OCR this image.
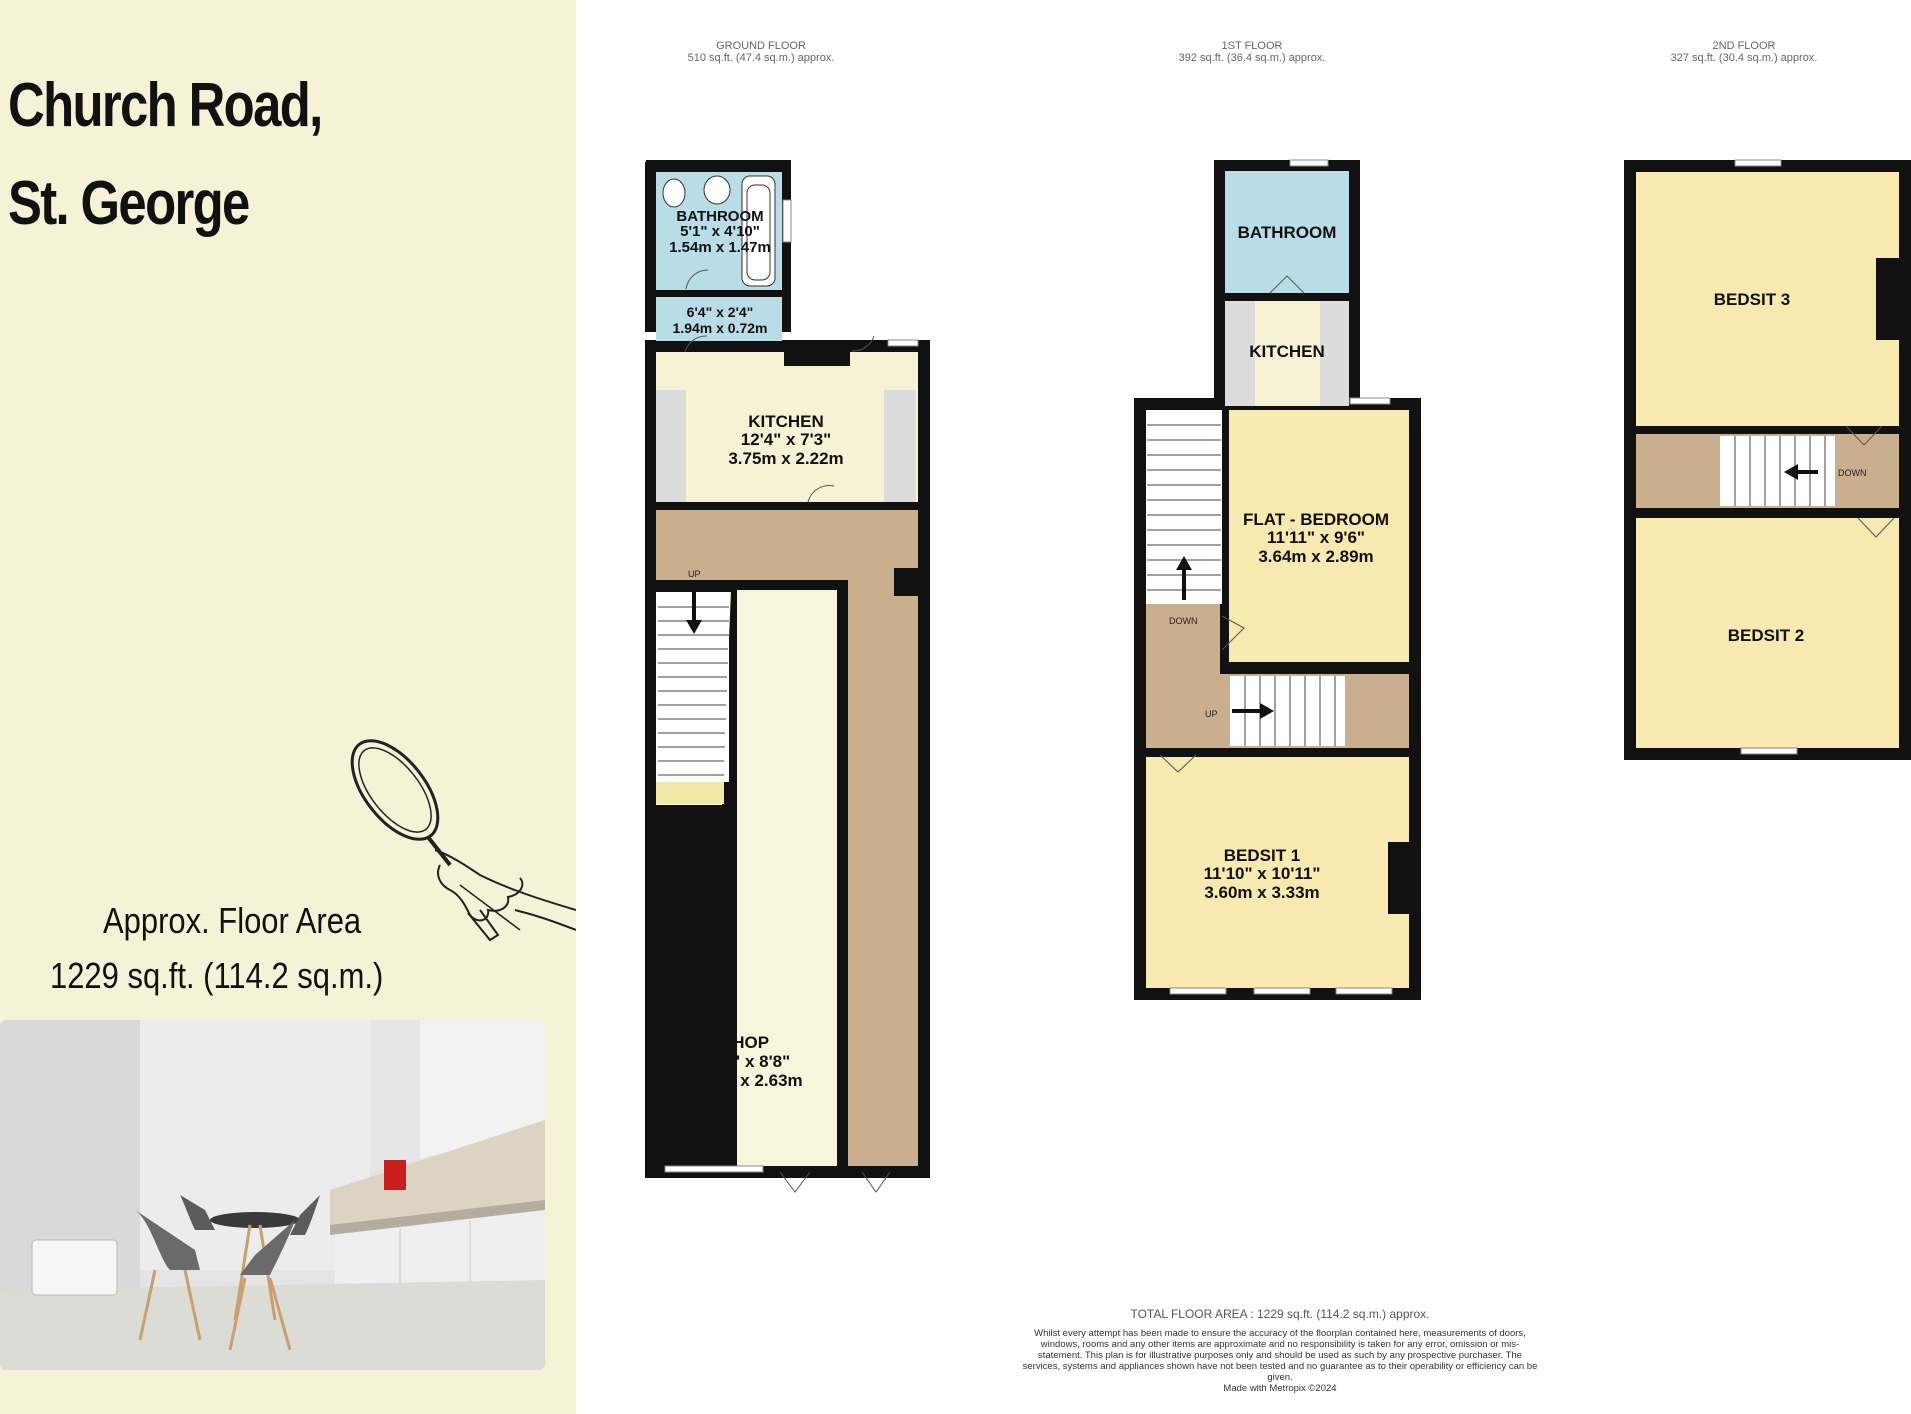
Church Road,
St. George
Approx. Floor Area
1229 sq.ft. (114.2 sq.m.)
GROUND FLOOR
510 sq.ft. (47.4 sq.m.) approx.
1ST FLOOR
392 sq.ft. (36.4 sq.m.) approx.
2ND FLOOR
327 sq.ft. (30.4 sq.m.) approx.
BATHROOM
5'1" x 4'10"
1.54m x 1.47m
6'4" x 2'4"
1.94m x 0.72m
KITCHEN
12'4" x 7'3"
3.75m x 2.22m
SHOP
26'8" x 8'8"
8.13m x 2.63m
UP
BATHROOM
KITCHEN
FLAT - BEDROOM
11'11" x 9'6"
3.64m x 2.89m
BEDSIT 1
11'10" x 10'11"
3.60m x 3.33m
DOWN
UP
BEDSIT 3
BEDSIT 2
DOWN
TOTAL FLOOR AREA : 1229 sq.ft. (114.2 sq.m.) approx.
Whilst every attempt has been made to ensure the accuracy of the floorplan contained here, measurements of doors, windows, rooms and any other items are approximate and no responsibility is taken for any error, omission or mis-statement. This plan is for illustrative purposes only and should be used as such by any prospective purchaser. The services, systems and appliances shown have not been tested and no guarantee as to their operability or efficiency can be given.
Made with Metropix ©2024
